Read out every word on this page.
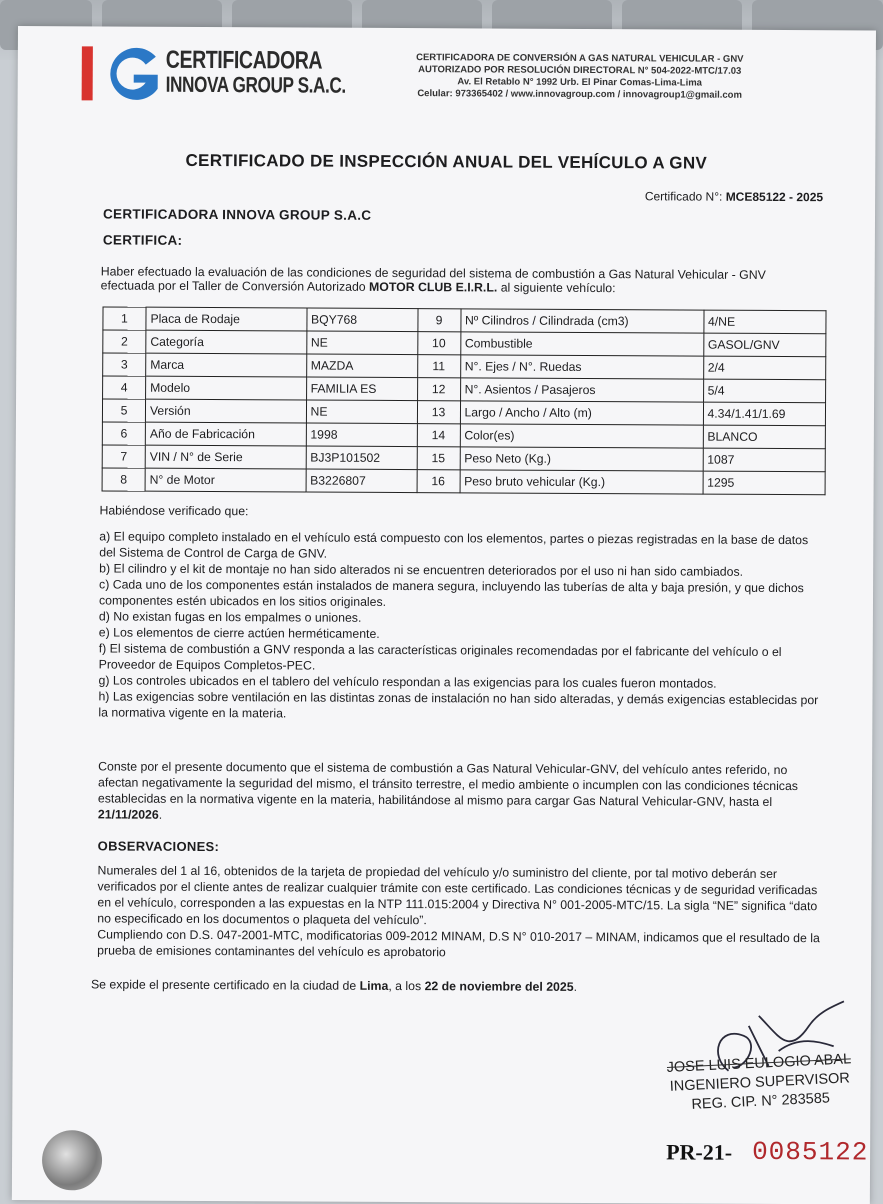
CERTIFICADORA
INNOVA GROUP S.A.C.
CERTIFICADORA DE CONVERSIÓN A GAS NATURAL VEHICULAR - GNV
AUTORIZADO POR RESOLUCIÓN DIRECTORAL N° 504-2022-MTC/17.03
Av. El Retablo N° 1992 Urb. El Pinar Comas-Lima-Lima
Celular: 973365402 / www.innovagroup.com / innovagroup1@gmail.com
CERTIFICADO DE INSPECCIÓN ANUAL DEL VEHÍCULO A GNV
Certificado N°: MCE85122 - 2025
CERTIFICADORA INNOVA GROUP S.A.C
CERTIFICA:
Haber efectuado la evaluación de las condiciones de seguridad del sistema de combustión a Gas Natural Vehicular - GNV efectuada por el Taller de Conversión Autorizado MOTOR CLUB E.I.R.L. al siguiente vehículo:
1	Placa de Rodaje	BQY768	9	Nº Cilindros / Cilindrada (cm3)	4/NE
2	Categoría	NE	10	Combustible	GASOL/GNV
3	Marca	MAZDA	11	N°. Ejes / N°. Ruedas	2/4
4	Modelo	FAMILIA ES	12	N°. Asientos / Pasajeros	5/4
5	Versión	NE	13	Largo / Ancho / Alto (m)	4.34/1.41/1.69
6	Año de Fabricación	1998	14	Color(es)	BLANCO
7	VIN / N° de Serie	BJ3P101502	15	Peso Neto (Kg.)	1087
8	N° de Motor	B3226807	16	Peso bruto vehicular (Kg.)	1295

Habiéndose verificado que:

a) El equipo completo instalado en el vehículo está compuesto con los elementos, partes o piezas registradas en la base de datos del Sistema de Control de Carga de GNV.

b) El cilindro y el kit de montaje no han sido alterados ni se encuentren deteriorados por el uso ni han sido cambiados.

c) Cada uno de los componentes están instalados de manera segura, incluyendo las tuberías de alta y baja presión, y que dichos componentes estén ubicados en los sitios originales.

d) No existan fugas en los empalmes o uniones.

e) Los elementos de cierre actúen herméticamente.

f) El sistema de combustión a GNV responda a las características originales recomendadas por el fabricante del vehículo o el Proveedor de Equipos Completos-PEC.

g) Los controles ubicados en el tablero del vehículo respondan a las exigencias para los cuales fueron montados.

h) Las exigencias sobre ventilación en las distintas zonas de instalación no han sido alteradas, y demás exigencias establecidas por la normativa vigente en la materia.

Conste por el presente documento que el sistema de combustión a Gas Natural Vehicular-GNV, del vehículo antes referido, no afectan negativamente la seguridad del mismo, el tránsito terrestre, el medio ambiente o incumplen con las condiciones técnicas establecidas en la normativa vigente en la materia, habilitándose al mismo para cargar Gas Natural Vehicular-GNV, hasta el 21/11/2026.

OBSERVACIONES:

Numerales del 1 al 16, obtenidos de la tarjeta de propiedad del vehículo y/o suministro del cliente, por tal motivo deberán ser verificados por el cliente antes de realizar cualquier trámite con este certificado. Las condiciones técnicas y de seguridad verificadas en el vehículo, corresponden a las expuestas en la NTP 111.015:2004 y Directiva N° 001-2005-MTC/15. La sigla “NE” significa “dato no especificado en los documentos o plaqueta del vehículo”.

Cumpliendo con D.S. 047-2001-MTC, modificatorias 009-2012 MINAM, D.S N° 010-2017 – MINAM, indicamos que el resultado de la prueba de emisiones contaminantes del vehículo es aprobatorio

Se expide el presente certificado en la ciudad de Lima, a los 22 de noviembre del 2025.

JOSE LUIS EULOGIO ABAL
INGENIERO SUPERVISOR
REG. CIP. N° 283585
PR-21- 0085122
